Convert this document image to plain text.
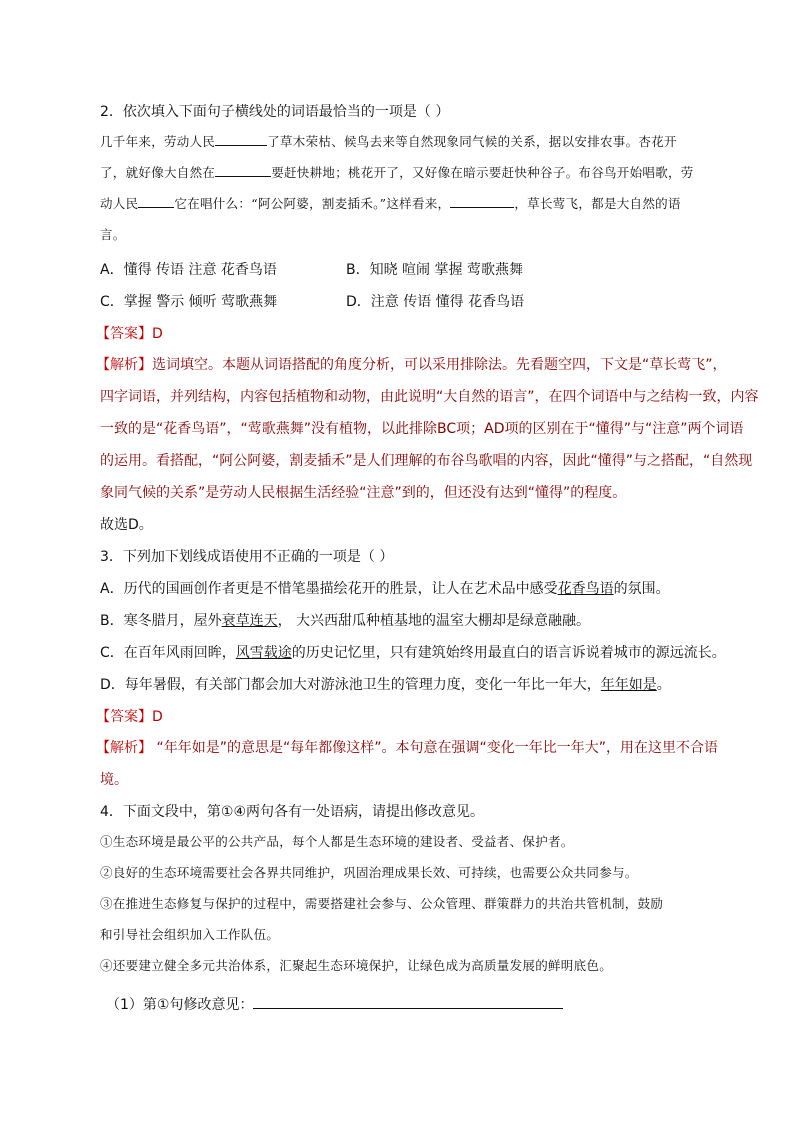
2．依次填入下面句子横线处的词语最恰当的一项是（ ）
几千年来，劳动人民	了草木荣枯、候鸟去来等自然现象同气候的关系，据以安排农事。杏花开
了，就好像大自然在	要赶快耕地；桃花开了，又好像在暗示要赶快种谷子。布谷鸟开始唱歌，劳
动人民	它在唱什么：“阿公阿婆，割麦插禾。”这样看来，	，草长莺飞，都是大自然的语
言。
A．懂得 传语 注意 花香鸟语	B．知晓 喧闹 掌握 莺歌燕舞
C．掌握 警示 倾听 莺歌燕舞	D．注意 传语 懂得 花香鸟语
【答案】D
【解析】选词填空。本题从词语搭配的角度分析，可以采用排除法。先看题空四，下文是“草长莺飞”，
四字词语，并列结构，内容包括植物和动物，由此说明“大自然的语言”，在四个词语中与之结构一致，内容
一致的是“花香鸟语”，“莺歌燕舞”没有植物，以此排除BC项；AD项的区别在于“懂得”与“注意”两个词语
的运用。看搭配，“阿公阿婆，割麦插禾”是人们理解的布谷鸟歌唱的内容，因此“懂得”与之搭配，“自然现
象同气候的关系”是劳动人民根据生活经验“注意”到的，但还没有达到“懂得”的程度。
故选D。
3．下列加下划线成语使用不正确的一项是（ ）
A．历代的国画创作者更是不惜笔墨描绘花开的胜景，让人在艺术品中感受花香鸟语的氛围。
B．寒冬腊月，屋外衰草连天， 大兴西甜瓜种植基地的温室大棚却是绿意融融。
C．在百年风雨回眸，风雪载途的历史记忆里，只有建筑始终用最直白的语言诉说着城市的源远流长。
D．每年暑假，有关部门都会加大对游泳池卫生的管理力度，变化一年比一年大，年年如是。
【答案】D
【解析】 “年年如是”的意思是“每年都像这样”。本句意在强调“变化一年比一年大”，用在这里不合语
境。
4．下面文段中，第①④两句各有一处语病，请提出修改意见。
①生态环境是最公平的公共产品，每个人都是生态环境的建设者、受益者、保护者。
②良好的生态环境需要社会各界共同维护，巩固治理成果长效、可持续，也需要公众共同参与。
③在推进生态修复与保护的过程中，需要搭建社会参与、公众管理、群策群力的共治共管机制，鼓励
和引导社会组织加入工作队伍。
④还要建立健全多元共治体系，汇聚起生态环境保护，让绿色成为高质量发展的鲜明底色。
（1）第①句修改意见：
